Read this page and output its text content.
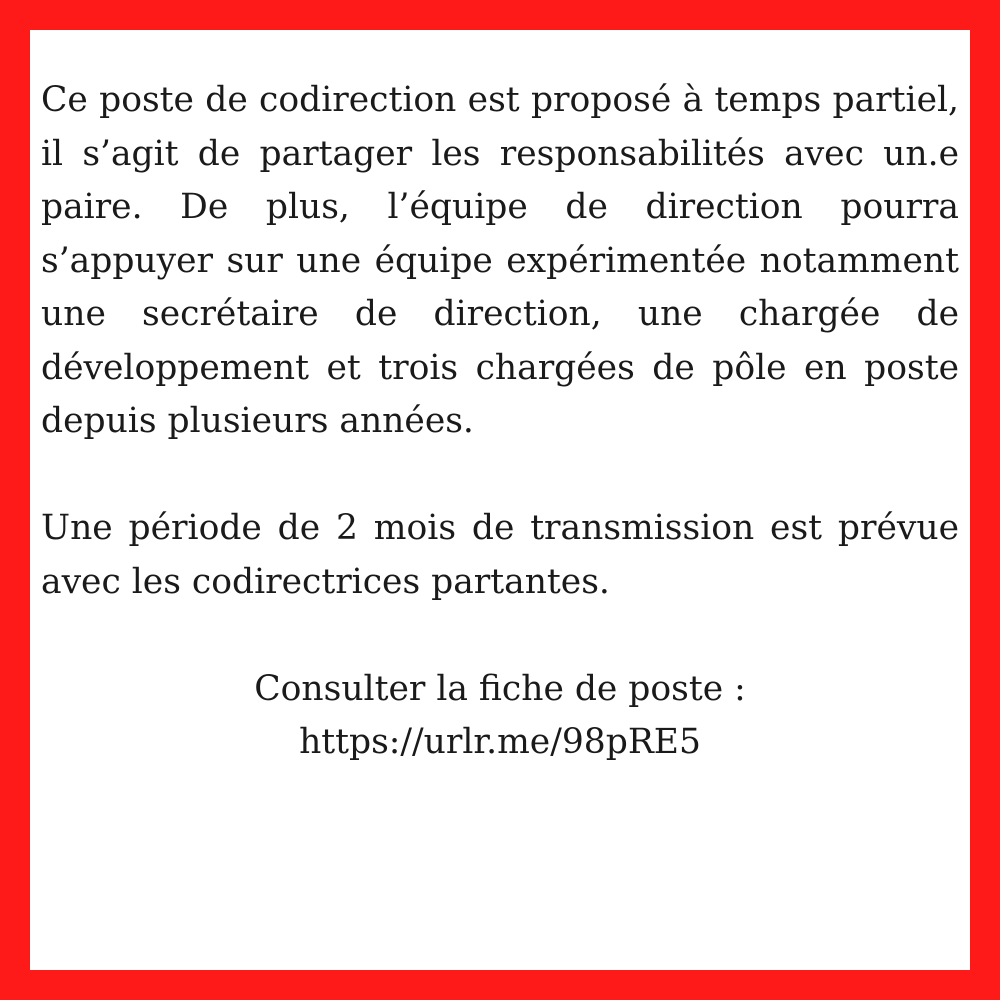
Ce poste de codirection est proposé à temps partiel, il s’agit de partager les responsabilités avec un.e paire. De plus, l’équipe de direction pourra s’appuyer sur une équipe expérimentée notamment une secrétaire de direction, une chargée de développement et trois chargées de pôle en poste depuis plusieurs années.

Une période de 2 mois de transmission est prévue avec les codirectrices partantes.

Consulter la fiche de poste :
https://urlr.me/98pRE5
